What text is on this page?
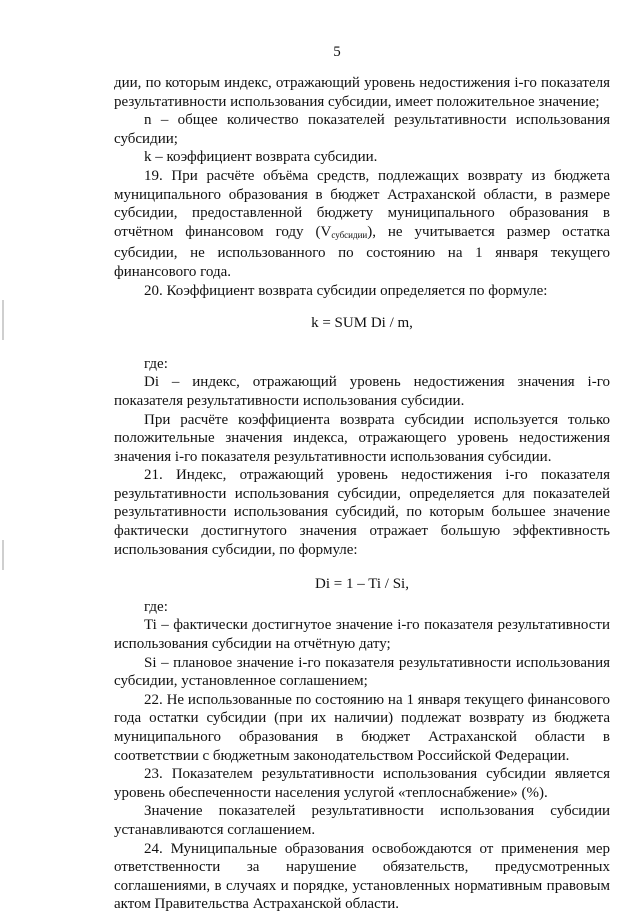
5

дии, по которым индекс, отражающий уровень недостижения i-го показателя результативности использования субсидии, имеет положительное значение;

n – общее количество показателей результативности использования субсидии;

k – коэффициент возврата субсидии.

19. При расчёте объёма средств, подлежащих возврату из бюджета муниципального образования в бюджет Астраханской области, в размере субсидии, предоставленной бюджету муниципального образования в отчётном финансовом году $(V_{субсидии})$, не учитывается размер остатка субсидии, не использованного по состоянию на 1 января текущего финансового года.

20. Коэффициент возврата субсидии определяется по формуле:

k = SUM Di / m,

где:

Di – индекс, отражающий уровень недостижения значения i-го показателя результативности использования субсидии.

При расчёте коэффициента возврата субсидии используется только положительные значения индекса, отражающего уровень недостижения значения i-го показателя результативности использования субсидии.

21. Индекс, отражающий уровень недостижения i-го показателя результативности использования субсидии, определяется для показателей результативности использования субсидий, по которым большее значение фактически достигнутого значения отражает большую эффективность использования субсидии, по формуле:

Di = 1 – Ti / Si,

где:

Ti – фактически достигнутое значение i-го показателя результативности использования субсидии на отчётную дату;

Si – плановое значение i-го показателя результативности использования субсидии, установленное соглашением;

22. Не использованные по состоянию на 1 января текущего финансового года остатки субсидии (при их наличии) подлежат возврату из бюджета муниципального образования в бюджет Астраханской области в соответствии с бюджетным законодательством Российской Федерации.

23. Показателем результативности использования субсидии является уровень обеспеченности населения услугой «теплоснабжение» (%).

Значение показателей результативности использования субсидии устанавливаются соглашением.

24. Муниципальные образования освобождаются от применения мер ответственности за нарушение обязательств, предусмотренных соглашениями, в случаях и порядке, установленных нормативным правовым актом Правительства Астраханской области.
